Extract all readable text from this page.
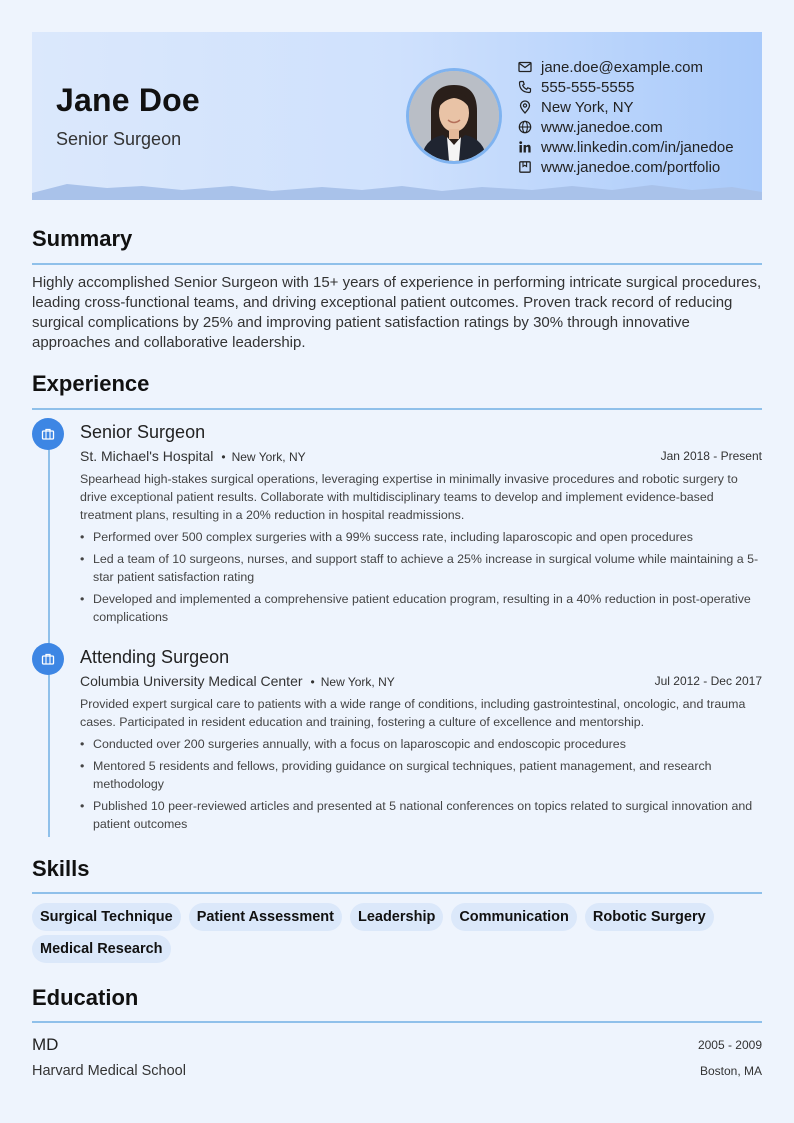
Jane Doe
Senior Surgeon
jane.doe@example.com
555-555-5555
New York, NY
www.janedoe.com
www.linkedin.com/in/janedoe
www.janedoe.com/portfolio
Summary
Highly accomplished Senior Surgeon with 15+ years of experience in performing intricate surgical procedures, leading cross-functional teams, and driving exceptional patient outcomes. Proven track record of reducing surgical complications by 25% and improving patient satisfaction ratings by 30% through innovative approaches and collaborative leadership.
Experience
Senior Surgeon
St. Michael's Hospital • New York, NY	Jan 2018 - Present
Spearhead high-stakes surgical operations, leveraging expertise in minimally invasive procedures and robotic surgery to drive exceptional patient results. Collaborate with multidisciplinary teams to develop and implement evidence-based treatment plans, resulting in a 20% reduction in hospital readmissions.
• Performed over 500 complex surgeries with a 99% success rate, including laparoscopic and open procedures
• Led a team of 10 surgeons, nurses, and support staff to achieve a 25% increase in surgical volume while maintaining a 5-star patient satisfaction rating
• Developed and implemented a comprehensive patient education program, resulting in a 40% reduction in post-operative complications
Attending Surgeon
Columbia University Medical Center • New York, NY	Jul 2012 - Dec 2017
Provided expert surgical care to patients with a wide range of conditions, including gastrointestinal, oncologic, and trauma cases. Participated in resident education and training, fostering a culture of excellence and mentorship.
• Conducted over 200 surgeries annually, with a focus on laparoscopic and endoscopic procedures
• Mentored 5 residents and fellows, providing guidance on surgical techniques, patient management, and research methodology
• Published 10 peer-reviewed articles and presented at 5 national conferences on topics related to surgical innovation and patient outcomes
Skills
Surgical Technique	Patient Assessment	Leadership	Communication	Robotic Surgery
Medical Research
Education
MD	2005 - 2009
Harvard Medical School	Boston, MA
